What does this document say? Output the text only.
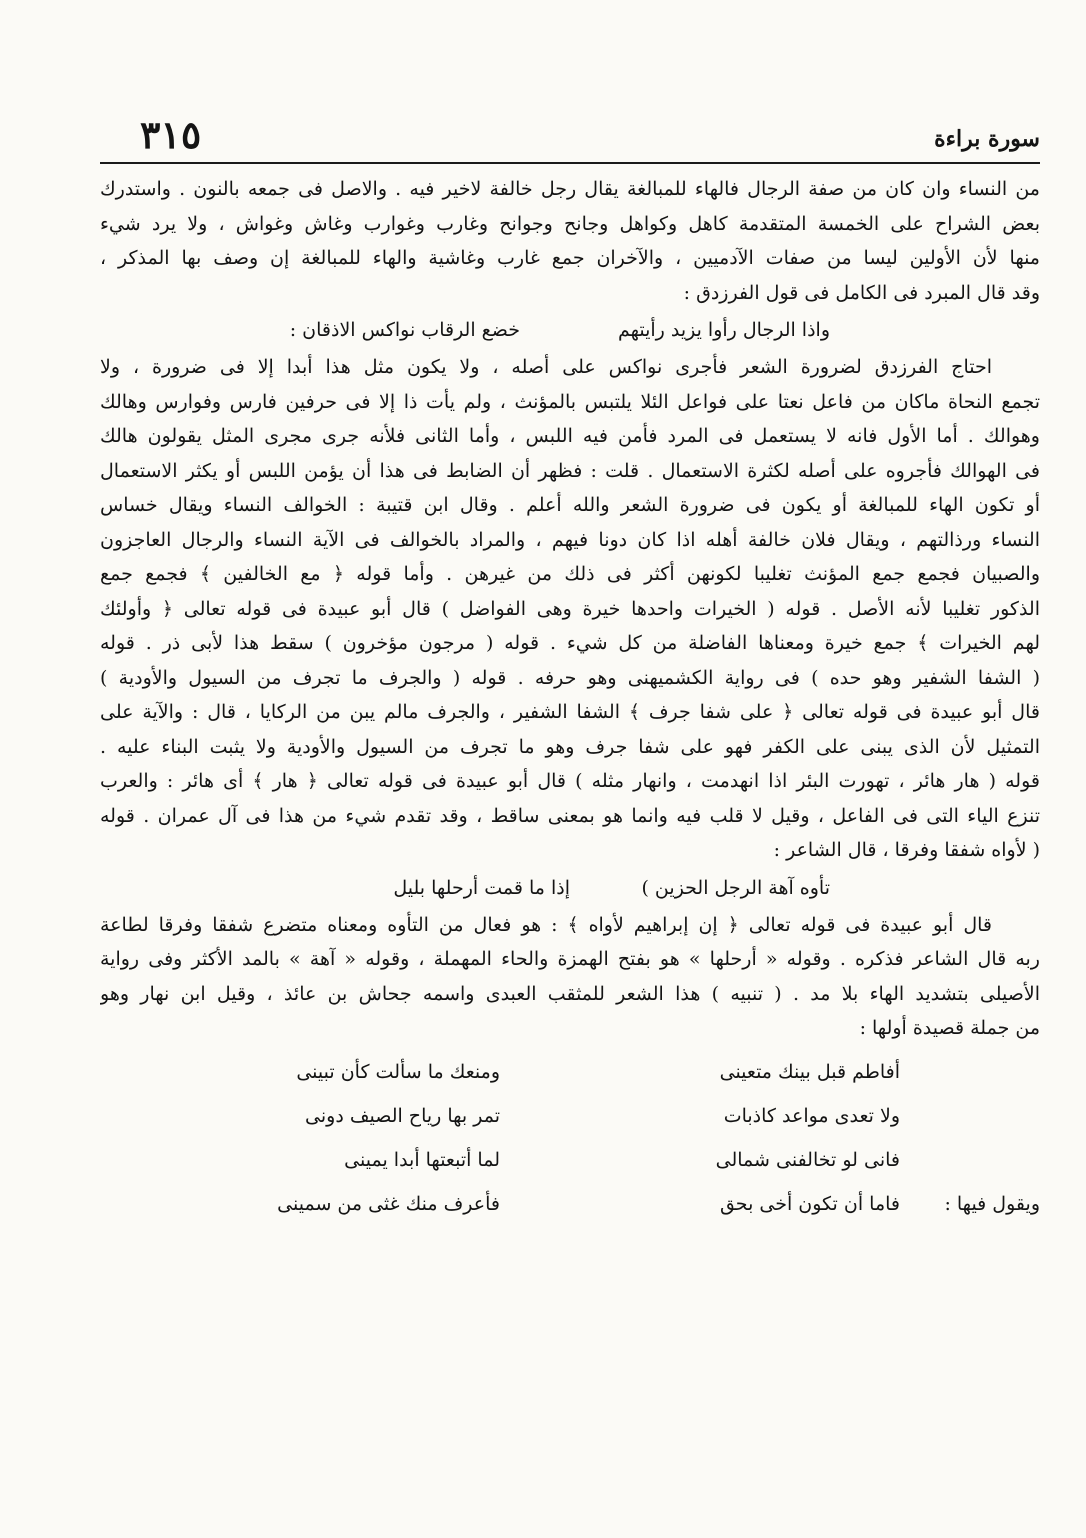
٣١٥	سورة براءة
من النساء وان كان من صفة الرجال فالهاء للمبالغة يقال رجل خالفة لاخير فيه . والاصل فى جمعه بالنون . واستدرك
بعض الشراح على الخمسة المتقدمة كاهل وكواهل وجانح وجوانح وغارب وغوارب وغاش وغواش ، ولا يرد شيء
منها لأن الأولين ليسا من صفات الآدميين ، والآخران جمع غارب وغاشية والهاء للمبالغة إن وصف بها المذكر ،
وقد قال المبرد فى الكامل فى قول الفرزدق :
واذا الرجال رأوا يزيد رأيتهم
خضع الرقاب نواكس الاذقان :
احتاج الفرزدق لضرورة الشعر فأجرى نواكس على أصله ، ولا يكون مثل هذا أبدا إلا فى ضرورة ، ولا
تجمع النحاة ماكان من فاعل نعتا على فواعل الئلا يلتبس بالمؤنث ، ولم يأت ذا إلا فى حرفين فارس وفوارس وهالك
وهوالك . أما الأول فانه لا يستعمل فى المرد فأمن فيه اللبس ، وأما الثانى فلأنه جرى مجرى المثل يقولون هالك
فى الهوالك فأجروه على أصله لكثرة الاستعمال . قلت : فظهر أن الضابط فى هذا أن يؤمن اللبس أو يكثر الاستعمال
أو تكون الهاء للمبالغة أو يكون فى ضرورة الشعر والله أعلم . وقال ابن قتيبة : الخوالف النساء ويقال خساس
النساء ورذالتهم ، ويقال فلان خالفة أهله اذا كان دونا فيهم ، والمراد بالخوالف فى الآية النساء والرجال العاجزون
والصبيان فجمع جمع المؤنث تغليبا لكونهن أكثر فى ذلك من غيرهن . وأما قوله ﴿ مع الخالفين ﴾ فجمع جمع
الذكور تغليبا لأنه الأصل . قوله ( الخيرات واحدها خيرة وهى الفواضل ) قال أبو عبيدة فى قوله تعالى ﴿ وأولئك
لهم الخيرات ﴾ جمع خيرة ومعناها الفاضلة من كل شيء . قوله ( مرجون مؤخرون ) سقط هذا لأبى ذر . قوله
( الشفا الشفير وهو حده ) فى رواية الكشميهنى وهو حرفه . قوله ( والجرف ما تجرف من السيول والأودية )
قال أبو عبيدة فى قوله تعالى ﴿ على شفا جرف ﴾ الشفا الشفير ، والجرف مالم يبن من الركايا ، قال : والآية على
التمثيل لأن الذى يبنى على الكفر فهو على شفا جرف وهو ما تجرف من السيول والأودية ولا يثبت البناء عليه .
قوله ( هار هائر ، تهورت البئر اذا انهدمت ، وانهار مثله ) قال أبو عبيدة فى قوله تعالى ﴿ هار ﴾ أى هائر : والعرب
تنزع الياء التى فى الفاعل ، وقيل لا قلب فيه وانما هو بمعنى ساقط ، وقد تقدم شيء من هذا فى آل عمران . قوله
( لأواه شفقا وفرقا ، قال الشاعر :
إذا ما قمت أرحلها بليل	تأوه آهة الرجل الحزين )
قال أبو عبيدة فى قوله تعالى ﴿ إن إبراهيم لأواه ﴾ : هو فعال من التأوه ومعناه متضرع شفقا وفرقا لطاعة
ربه قال الشاعر فذكره . وقوله « أرحلها » هو بفتح الهمزة والحاء المهملة ، وقوله « آهة » بالمد الأكثر وفى رواية
الأصيلى بتشديد الهاء بلا مد . ( تنبيه ) هذا الشعر للمثقب العبدى واسمه جحاش بن عائذ ، وقيل ابن نهار وهو
من جملة قصيدة أولها :
أفاطم قبل بينك متعينى
ومنعك ما سألت كأن تبينى
ولا تعدى مواعد كاذبات
تمر بها رياح الصيف دونى
فانى لو تخالفنى شمالى
لما أتبعتها أبدا يمينى
ويقول فيها :
فاما أن تكون أخى بحق
فأعرف منك غثى من سمينى
